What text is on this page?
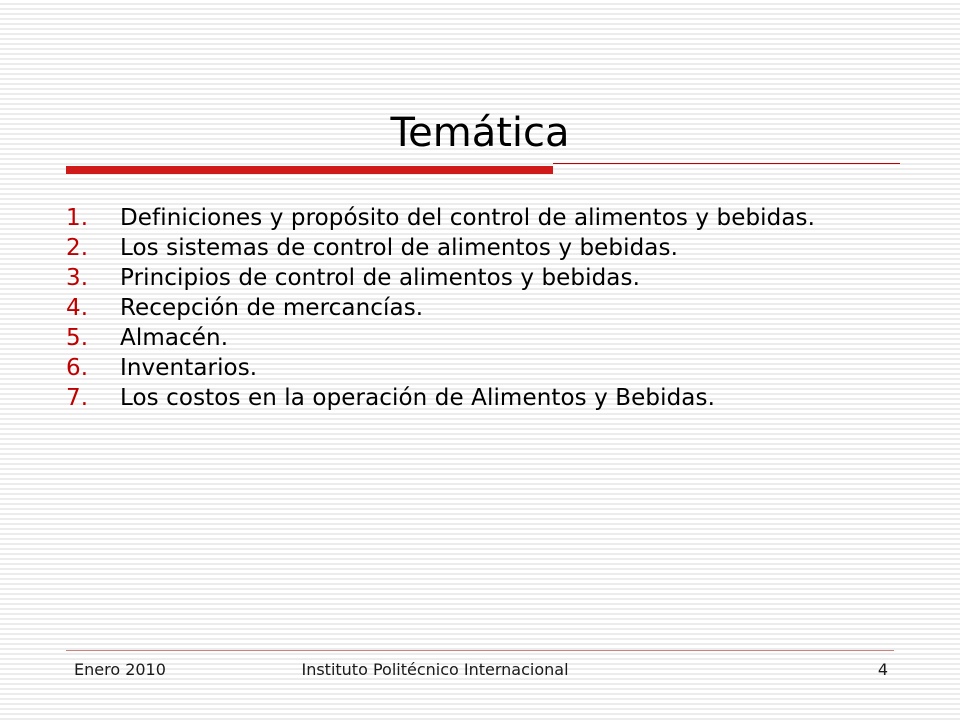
Temática
1. Definiciones y propósito del control de alimentos y bebidas.
2. Los sistemas de control de alimentos y bebidas.
3. Principios de control de alimentos y bebidas.
4. Recepción de mercancías.
5. Almacén.
6. Inventarios.
7. Los costos en la operación de Alimentos y Bebidas.
Enero 2010	Instituto Politécnico Internacional	4
